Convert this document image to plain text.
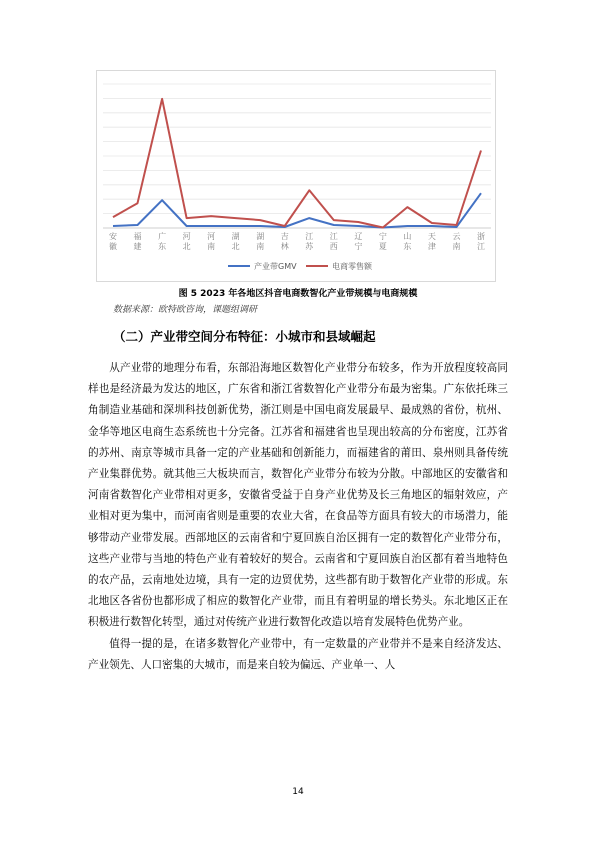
安徽
福建
广东
河北
河南
湖北
湖南
吉林
江苏
江西
辽宁
宁夏
山东
天津
云南
浙江
产业带GMV	电商零售额
图 5 2023 年各地区抖音电商数智化产业带规模与电商规模
数据来源：欧特欧咨询，课题组调研
（二）产业带空间分布特征：小城市和县域崛起

从产业带的地理分布看，东部沿海地区数智化产业带分布较多，作为开放程度较高同样也是经济最为发达的地区，广东省和浙江省数智化产业带分布最为密集。广东依托珠三角制造业基础和深圳科技创新优势，浙江则是中国电商发展最早、最成熟的省份，杭州、金华等地区电商生态系统也十分完备。江苏省和福建省也呈现出较高的分布密度，江苏省的苏州、南京等城市具备一定的产业基础和创新能力，而福建省的莆田、泉州则具备传统产业集群优势。就其他三大板块而言，数智化产业带分布较为分散。中部地区的安徽省和河南省数智化产业带相对更多，安徽省受益于自身产业优势及长三角地区的辐射效应，产业相对更为集中，而河南省则是重要的农业大省，在食品等方面具有较大的市场潜力，能够带动产业带发展。西部地区的云南省和宁夏回族自治区拥有一定的数智化产业带分布，这些产业带与当地的特色产业有着较好的契合。云南省和宁夏回族自治区都有着当地特色的农产品，云南地处边境，具有一定的边贸优势，这些都有助于数智化产业带的形成。东北地区各省份也都形成了相应的数智化产业带，而且有着明显的增长势头。东北地区正在积极进行数智化转型，通过对传统产业进行数智化改造以培育发展特色优势产业。

值得一提的是，在诸多数智化产业带中，有一定数量的产业带并不是来自经济发达、产业领先、人口密集的大城市，而是来自较为偏远、产业单一、人

14
